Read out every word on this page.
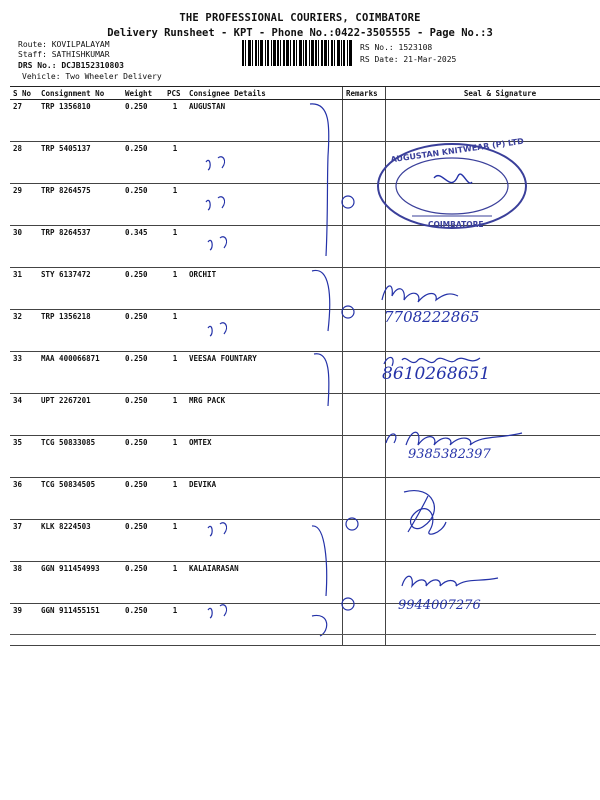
THE PROFESSIONAL COURIERS, COIMBATORE
Delivery Runsheet - KPT - Phone No.:0422-3505555 - Page No.:3
Route: KOVILPALAYAM
Staff: SATHISHKUMAR
DRS No.: DCJB152310803
Vehicle: Two Wheeler Delivery
RS No.: 1523108
RS Date: 21-Mar-2025
S No	Consignment No	Weight	PCS	Consignee Details	Remarks	Seal & Signature
27	TRP 1356810	0.250	1	AUGUSTAN		
28	TRP 5405137	0.250	1			
29	TRP 8264575	0.250	1			
30	TRP 8264537	0.345	1			
31	STY 6137472	0.250	1	ORCHIT		
32	TRP 1356218	0.250	1			
33	MAA 400066871	0.250	1	VEESAA FOUNTARY		
34	UPT 2267201	0.250	1	MRG PACK		
35	TCG 50833085	0.250	1	OMTEX		
36	TCG 50834505	0.250	1	DEVIKA		
37	KLK 8224503	0.250	1			
38	GGN 911454993	0.250	1	KALAIARASAN		
39	GGN 911455151	0.250	1			
AUGUSTAN KNITWEAR (P) LTD
COIMBATORE
7708222865
8610268651
9385382397
9944007276
